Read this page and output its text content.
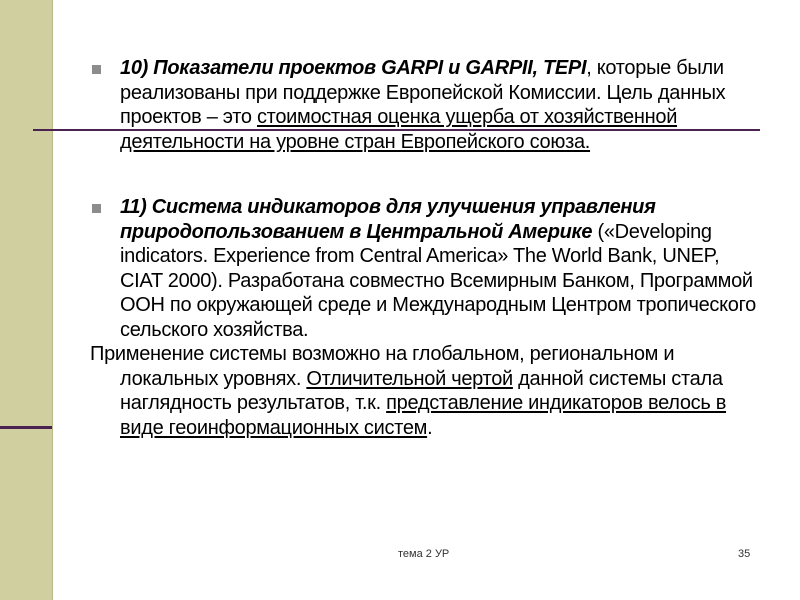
10) Показатели проектов GARPI и GARPII, TEPI, которые были реализованы при поддержке Европейской Комиссии. Цель данных проектов – это стоимостная оценка ущерба от хозяйственной деятельности на уровне стран Европейского союза.

11) Система индикаторов для улучшения управления природопользованием в Центральной Америке («Developing indicators. Experience from Central America» The World Bank, UNEP, CIAT 2000). Разработана совместно Всемирным Банком, Программой ООН по окружающей среде и Международным Центром тропического сельского хозяйства.

Применение системы возможно на глобальном, региональном и локальных уровнях. Отличительной чертой данной системы стала наглядность результатов, т.к. представление индикаторов велось в виде геоинформационных систем.

тема 2 УР	35
